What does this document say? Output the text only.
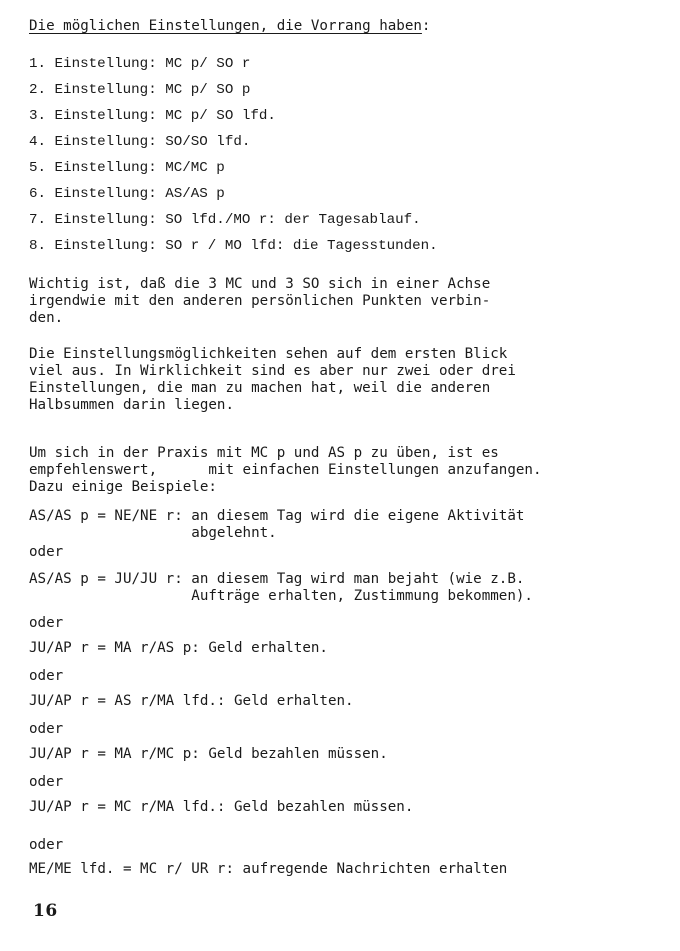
Die möglichen Einstellungen, die Vorrang haben:
1. Einstellung: MC p/ SO r
2. Einstellung: MC p/ SO p
3. Einstellung: MC p/ SO lfd.
4. Einstellung: SO/SO lfd.
5. Einstellung: MC/MC p
6. Einstellung: AS/AS p
7. Einstellung: SO lfd./MO r: der Tagesablauf.
8. Einstellung: SO r / MO lfd: die Tagesstunden.
Wichtig ist, daß die 3 MC und 3 SO sich in einer Achse
irgendwie mit den anderen persönlichen Punkten verbin-
den.
Die Einstellungsmöglichkeiten sehen auf dem ersten Blick
viel aus. In Wirklichkeit sind es aber nur zwei oder drei
Einstellungen, die man zu machen hat, weil die anderen
Halbsummen darin liegen.
Um sich in der Praxis mit MC p und AS p zu üben, ist es
empfehlenswert,      mit einfachen Einstellungen anzufangen.
Dazu einige Beispiele:
AS/AS p = NE/NE r: an diesem Tag wird die eigene Aktivität
abgelehnt.
oder
AS/AS p = JU/JU r: an diesem Tag wird man bejaht (wie z.B.
Aufträge erhalten, Zustimmung bekommen).
oder
JU/AP r = MA r/AS p: Geld erhalten.
oder
JU/AP r = AS r/MA lfd.: Geld erhalten.
oder
JU/AP r = MA r/MC p: Geld bezahlen müssen.
oder
JU/AP r = MC r/MA lfd.: Geld bezahlen müssen.
oder
ME/ME lfd. = MC r/ UR r: aufregende Nachrichten erhalten
16
